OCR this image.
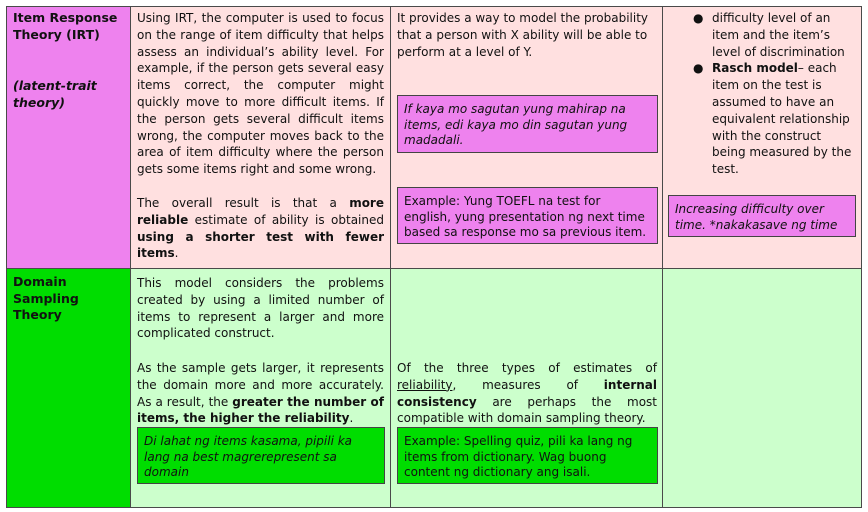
Item Response Theory (IRT)
(latent-trait theory)

Using IRT, the computer is used to focus on the range of item difficulty that helps assess an individual’s ability level. For example, if the person gets several easy items correct, the computer might quickly move to more difficult items. If the person gets several difficult items wrong, the computer moves back to the area of item difficulty where the person gets some items right and some wrong.

The overall result is that a more reliable estimate of ability is obtained using a shorter test with fewer items.

It provides a way to model the probability that a person with X ability will be able to perform at a level of Y.

If kaya mo sagutan yung mahirap na items, edi kaya mo din sagutan yung madadali.
Example: Yung TOEFL na test for english, yung presentation ng next time based sa response mo sa previous item.
● difficulty level of an item and the item’s level of discrimination
● Rasch model– each item on the test is assumed to have an equivalent relationship with the construct being measured by the test.
Increasing difficulty over time. *nakakasave ng time
Domain Sampling Theory

This model considers the problems created by using a limited number of items to represent a larger and more complicated construct.

As the sample gets larger, it represents the domain more and more accurately. As a result, the greater the number of items, the higher the reliability.

Di lahat ng items kasama, pipili ka lang na best magrerepresent sa domain

Of the three types of estimates of reliability, measures of internal consistency are perhaps the most compatible with domain sampling theory.

Example: Spelling quiz, pili ka lang ng items from dictionary. Wag buong content ng dictionary ang isali.
